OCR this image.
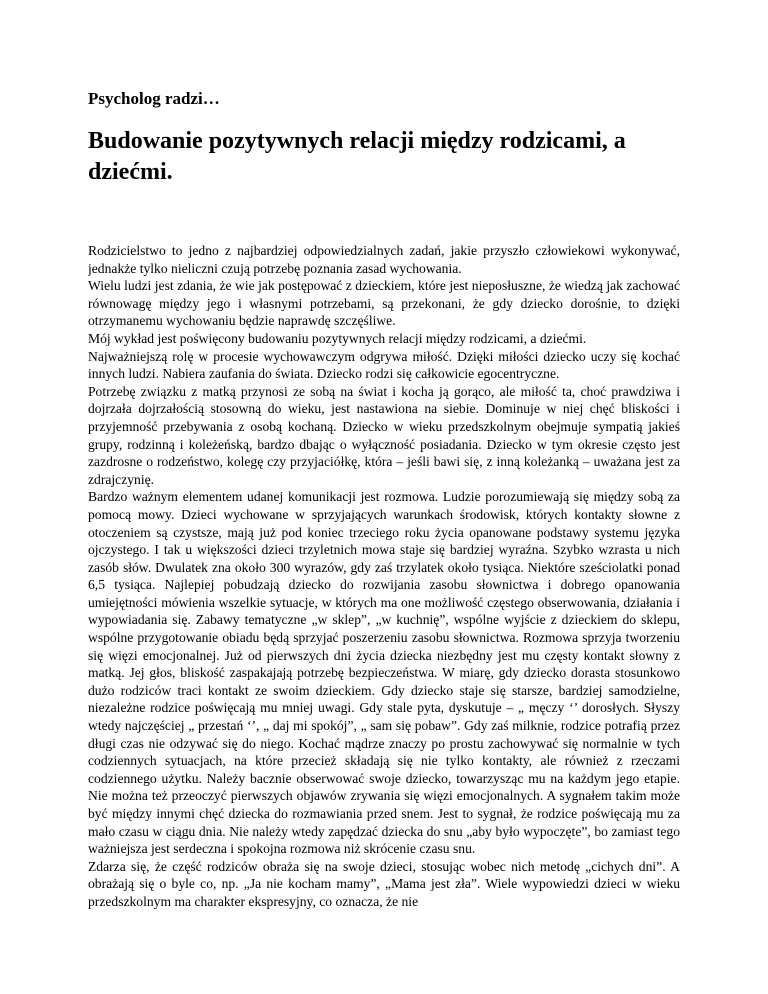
Psycholog radzi…

Budowanie pozytywnych relacji między rodzicami, a dziećmi.

Rodzicielstwo to jedno z najbardziej odpowiedzialnych zadań, jakie przyszło człowiekowi wykonywać, jednakże tylko nieliczni czują potrzebę poznania zasad wychowania.

Wielu ludzi jest zdania, że wie jak postępować z dzieckiem, które jest nieposłuszne, że wiedzą jak zachować równowagę między jego i własnymi potrzebami, są przekonani, że gdy dziecko dorośnie, to dzięki otrzymanemu wychowaniu będzie naprawdę szczęśliwe.

Mój wykład jest poświęcony budowaniu pozytywnych relacji między rodzicami, a dziećmi.

Najważniejszą rolę w procesie wychowawczym odgrywa miłość. Dzięki miłości dziecko uczy się kochać innych ludzi. Nabiera zaufania do świata. Dziecko rodzi się całkowicie egocentryczne.

Potrzebę związku z matką przynosi ze sobą na świat i kocha ją gorąco, ale miłość ta, choć prawdziwa i dojrzała dojrzałością stosowną do wieku, jest nastawiona na siebie. Dominuje w niej chęć bliskości i przyjemność przebywania z osobą kochaną. Dziecko w wieku przedszkolnym obejmuje sympatią jakieś grupy, rodzinną i koleżeńską, bardzo dbając o wyłączność posiadania. Dziecko w tym okresie często jest zazdrosne o rodzeństwo, kolegę czy przyjaciółkę, która – jeśli bawi się, z inną koleżanką – uważana jest za zdrajczynię.

Bardzo ważnym elementem udanej komunikacji jest rozmowa. Ludzie porozumiewają się między sobą za pomocą mowy. Dzieci wychowane w sprzyjających warunkach środowisk, których kontakty słowne z otoczeniem są czystsze, mają już pod koniec trzeciego roku życia opanowane podstawy systemu języka ojczystego. I tak u większości dzieci trzyletnich mowa staje się bardziej wyraźna. Szybko wzrasta u nich zasób słów. Dwulatek zna około 300 wyrazów, gdy zaś trzylatek około tysiąca. Niektóre sześciolatki ponad 6,5 tysiąca. Najlepiej pobudzają dziecko do rozwijania zasobu słownictwa i dobrego opanowania umiejętności mówienia wszelkie sytuacje, w których ma one możliwość częstego obserwowania, działania i wypowiadania się. Zabawy tematyczne „w sklep”, „w kuchnię”, wspólne wyjście z dzieckiem do sklepu, wspólne przygotowanie obiadu będą sprzyjać poszerzeniu zasobu słownictwa. Rozmowa sprzyja tworzeniu się więzi emocjonalnej. Już od pierwszych dni życia dziecka niezbędny jest mu częsty kontakt słowny z matką. Jej głos, bliskość zaspakajają potrzebę bezpieczeństwa. W miarę, gdy dziecko dorasta stosunkowo dużo rodziców traci kontakt ze swoim dzieckiem. Gdy dziecko staje się starsze, bardziej samodzielne, niezależne rodzice poświęcają mu mniej uwagi. Gdy stale pyta, dyskutuje – „ męczy ‘’ dorosłych. Słyszy wtedy najczęściej „ przestań ‘’, „ daj mi spokój”, „ sam się pobaw”. Gdy zaś milknie, rodzice potrafią przez długi czas nie odzywać się do niego. Kochać mądrze znaczy po prostu zachowywać się normalnie w tych codziennych sytuacjach, na które przecież składają się nie tylko kontakty, ale również z rzeczami codziennego użytku. Należy bacznie obserwować swoje dziecko, towarzysząc mu na każdym jego etapie. Nie można też przeoczyć pierwszych objawów zrywania się więzi emocjonalnych. A sygnałem takim może być między innymi chęć dziecka do rozmawiania przed snem. Jest to sygnał, że rodzice poświęcają mu za mało czasu w ciągu dnia. Nie należy wtedy zapędzać dziecka do snu „aby było wypoczęte”, bo zamiast tego ważniejsza jest serdeczna i spokojna rozmowa niż skrócenie czasu snu.

Zdarza się, że część rodziców obraża się na swoje dzieci, stosując wobec nich metodę „cichych dni”. A obrażają się o byle co, np. „Ja nie kocham mamy”, „Mama jest zła”. Wiele wypowiedzi dzieci w wieku przedszkolnym ma charakter ekspresyjny, co oznacza, że nie
